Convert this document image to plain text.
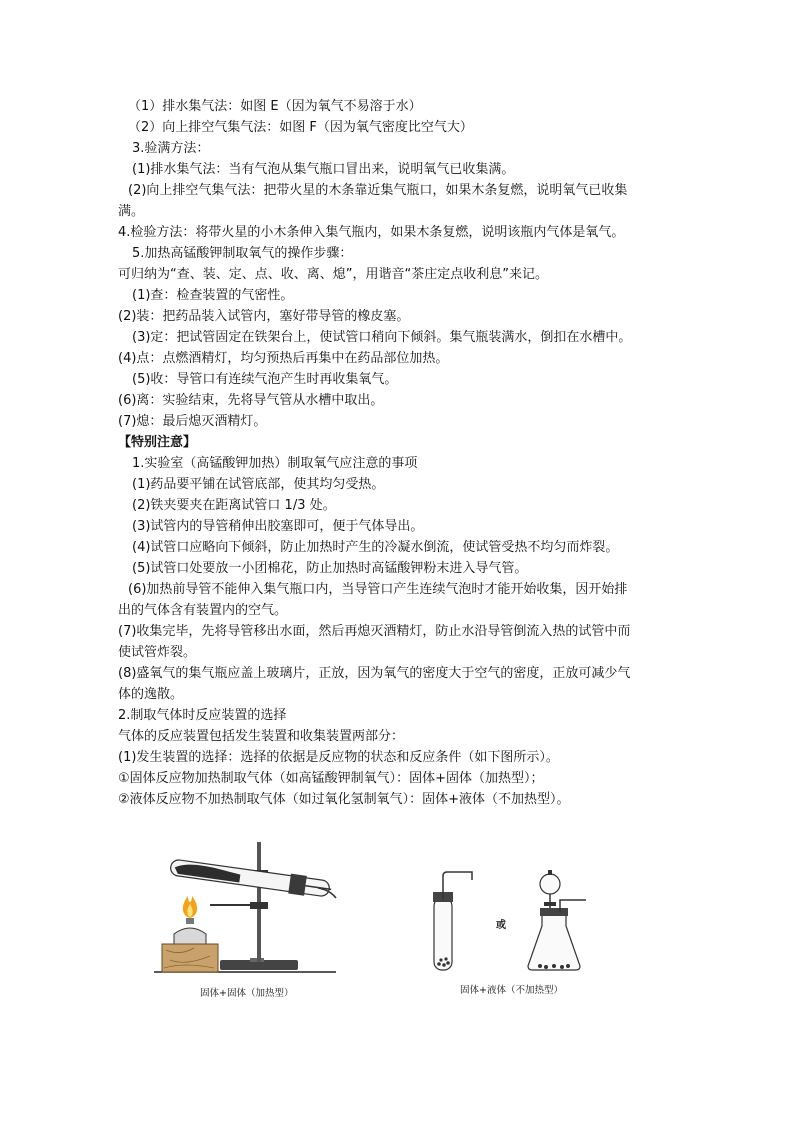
（1）排水集气法：如图 E（因为氧气不易溶于水）
（2）向上排空气集气法：如图 F（因为氧气密度比空气大）
3.验满方法：
(1)排水集气法：当有气泡从集气瓶口冒出来，说明氧气已收集满。
(2)向上排空气集气法：把带火星的木条靠近集气瓶口，如果木条复燃，说明氧气已收集
满。
4.检验方法：将带火星的小木条伸入集气瓶内，如果木条复燃，说明该瓶内气体是氧气。
5.加热高锰酸钾制取氧气的操作步骤：
可归纳为“查、装、定、点、收、离、熄”，用谐音“茶庄定点收利息”来记。
(1)查：检查装置的气密性。
(2)装：把药品装入试管内，塞好带导管的橡皮塞。
(3)定：把试管固定在铁架台上，使试管口稍向下倾斜。集气瓶装满水，倒扣在水槽中。
(4)点：点燃酒精灯，均匀预热后再集中在药品部位加热。
(5)收：导管口有连续气泡产生时再收集氧气。
(6)离：实验结束，先将导气管从水槽中取出。
(7)熄：最后熄灭酒精灯。
【特别注意】
1.实验室（高锰酸钾加热）制取氧气应注意的事项
(1)药品要平铺在试管底部，使其均匀受热。
(2)铁夹要夹在距离试管口 1/3 处。
(3)试管内的导管稍伸出胶塞即可，便于气体导出。
(4)试管口应略向下倾斜，防止加热时产生的冷凝水倒流，使试管受热不均匀而炸裂。
(5)试管口处要放一小团棉花，防止加热时高锰酸钾粉末进入导气管。
(6)加热前导管不能伸入集气瓶口内，当导管口产生连续气泡时才能开始收集，因开始排
出的气体含有装置内的空气。
(7)收集完毕，先将导管移出水面，然后再熄灭酒精灯，防止水沿导管倒流入热的试管中而
使试管炸裂。
(8)盛氧气的集气瓶应盖上玻璃片，正放，因为氧气的密度大于空气的密度，正放可减少气
体的逸散。
2.制取气体时反应装置的选择
气体的反应装置包括发生装置和收集装置两部分：
(1)发生装置的选择：选择的依据是反应物的状态和反应条件（如下图所示）。
①固体反应物加热制取气体（如高锰酸钾制氧气）：固体+固体（加热型）；
②液体反应物不加热制取气体（如过氧化氢制氧气）：固体+液体（不加热型）。
固体+固体（加热型）
或
固体+液体（不加热型）
